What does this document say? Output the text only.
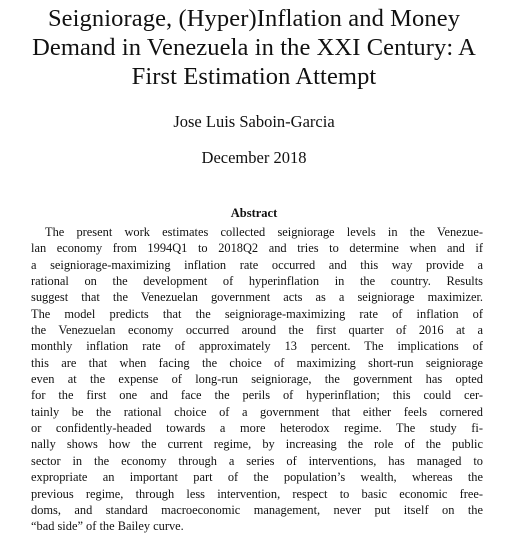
Seigniorage, (Hyper)Inflation and Money
Demand in Venezuela in the XXI Century: A
First Estimation Attempt
Jose Luis Saboin-Garcia
December 2018
Abstract
The present work estimates collected seigniorage levels in the Venezue-
lan economy from 1994Q1 to 2018Q2 and tries to determine when and if
a seigniorage-maximizing inflation rate occurred and this way provide a
rational on the development of hyperinflation in the country. Results
suggest that the Venezuelan government acts as a seigniorage maximizer.
The model predicts that the seigniorage-maximizing rate of inflation of
the Venezuelan economy occurred around the first quarter of 2016 at a
monthly inflation rate of approximately 13 percent. The implications of
this are that when facing the choice of maximizing short-run seigniorage
even at the expense of long-run seigniorage, the government has opted
for the first one and face the perils of hyperinflation; this could cer-
tainly be the rational choice of a government that either feels cornered
or confidently-headed towards a more heterodox regime. The study fi-
nally shows how the current regime, by increasing the role of the public
sector in the economy through a series of interventions, has managed to
expropriate an important part of the population’s wealth, whereas the
previous regime, through less intervention, respect to basic economic free-
doms, and standard macroeconomic management, never put itself on the
“bad side” of the Bailey curve.
